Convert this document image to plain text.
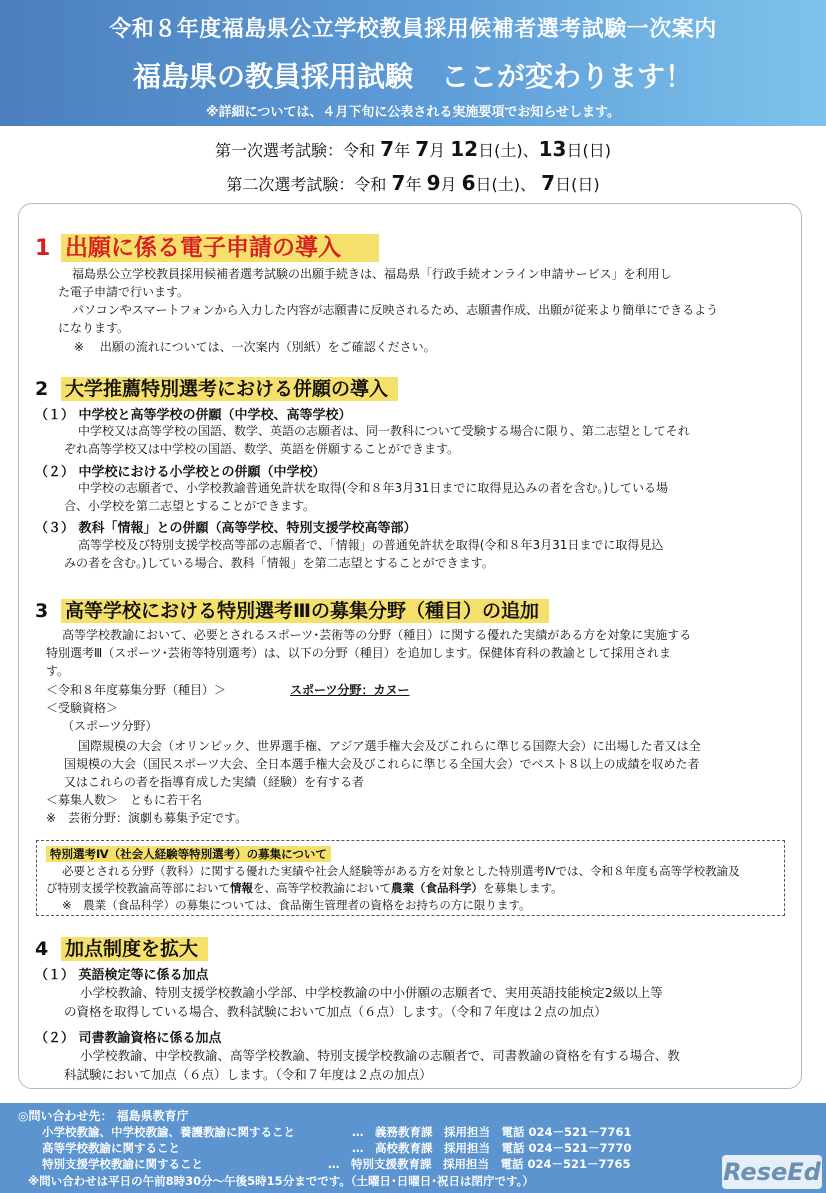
令和８年度福島県公立学校教員採用候補者選考試験一次案内
福島県の教員採用試験　ここが変わります！
※詳細については、４月下旬に公表される実施要項でお知らせします。
第一次選考試験：令和 7年 7月 12日(土)、13日(日)
第二次選考試験：令和 7年 9月 6日(土)、 7日(日)
1 出願に係る電子申請の導入
福島県公立学校教員採用候補者選考試験の出願手続きは、福島県「行政手続オンライン申請サービス」を利用し
た電子申請で行います。
パソコンやスマートフォンから入力した内容が志願書に反映されるため、志願書作成、出願が従来より簡単にできるよう
になります。
※　 出願の流れについては、一次案内（別紙）をご確認ください。
2 大学推薦特別選考における併願の導入
（１） 中学校と高等学校の併願（中学校、高等学校）
中学校又は高等学校の国語、数学、英語の志願者は、同一教科について受験する場合に限り、第二志望としてそれ
ぞれ高等学校又は中学校の国語、数学、英語を併願することができます。
（２） 中学校における小学校との併願（中学校）
中学校の志願者で、小学校教諭普通免許状を取得(令和８年3月31日までに取得見込みの者を含む。)している場
合、小学校を第二志望とすることができます。
（３） 教科「情報」との併願（高等学校、特別支援学校高等部）
高等学校及び特別支援学校高等部の志願者で、「情報」の普通免許状を取得(令和８年3月31日までに取得見込
みの者を含む。)している場合、教科「情報」を第二志望とすることができます。
3 高等学校における特別選考Ⅲの募集分野（種目）の追加
高等学校教諭において、必要とされるスポーツ･芸術等の分野（種目）に関する優れた実績がある方を対象に実施する
特別選考Ⅲ（スポーツ･芸術等特別選考）は、以下の分野（種目）を追加します。保健体育科の教諭として採用されま
す。
＜令和８年度募集分野（種目）＞	スポーツ分野：カヌー
＜受験資格＞
（スポーツ分野）
国際規模の大会（オリンピック、世界選手権、アジア選手権大会及びこれらに準じる国際大会）に出場した者又は全
国規模の大会（国民スポーツ大会、全日本選手権大会及びこれらに準じる全国大会）でベスト８以上の成績を収めた者
又はこれらの者を指導育成した実績（経験）を有する者
＜募集人数＞　ともに若干名
※　芸術分野：演劇も募集予定です。
特別選考Ⅳ（社会人経験等特別選考）の募集について
必要とされる分野（教科）に関する優れた実績や社会人経験等がある方を対象とした特別選考Ⅳでは、令和８年度も高等学校教諭及
び特別支援学校教諭高等部において情報を、高等学校教諭において農業（食品科学）を募集します。
※　農業（食品科学）の募集については、食品衛生管理者の資格をお持ちの方に限ります。
4 加点制度を拡大
（１） 英語検定等に係る加点
小学校教諭、特別支援学校教諭小学部、中学校教諭の中小併願の志願者で、実用英語技能検定2級以上等
の資格を取得している場合、教科試験において加点（６点）します。（令和７年度は２点の加点）
（２） 司書教諭資格に係る加点
小学校教諭、中学校教諭、高等学校教諭、特別支援学校教諭の志願者で、司書教諭の資格を有する場合、教
科試験において加点（６点）します。（令和７年度は２点の加点）
◎問い合わせ先： 福島県教育庁
小学校教諭、中学校教諭、養護教諭に関すること	…　義務教育課　採用担当　電話 024－521－7761
高等学校教諭に関すること	…　高校教育課　採用担当　電話 024－521－7770
特別支援学校教諭に関すること	…　特別支援教育課　採用担当　電話 024－521－7765
※問い合わせは平日の午前8時30分～午後5時15分までです。（土曜日･日曜日･祝日は閉庁です。）	ReseEd
